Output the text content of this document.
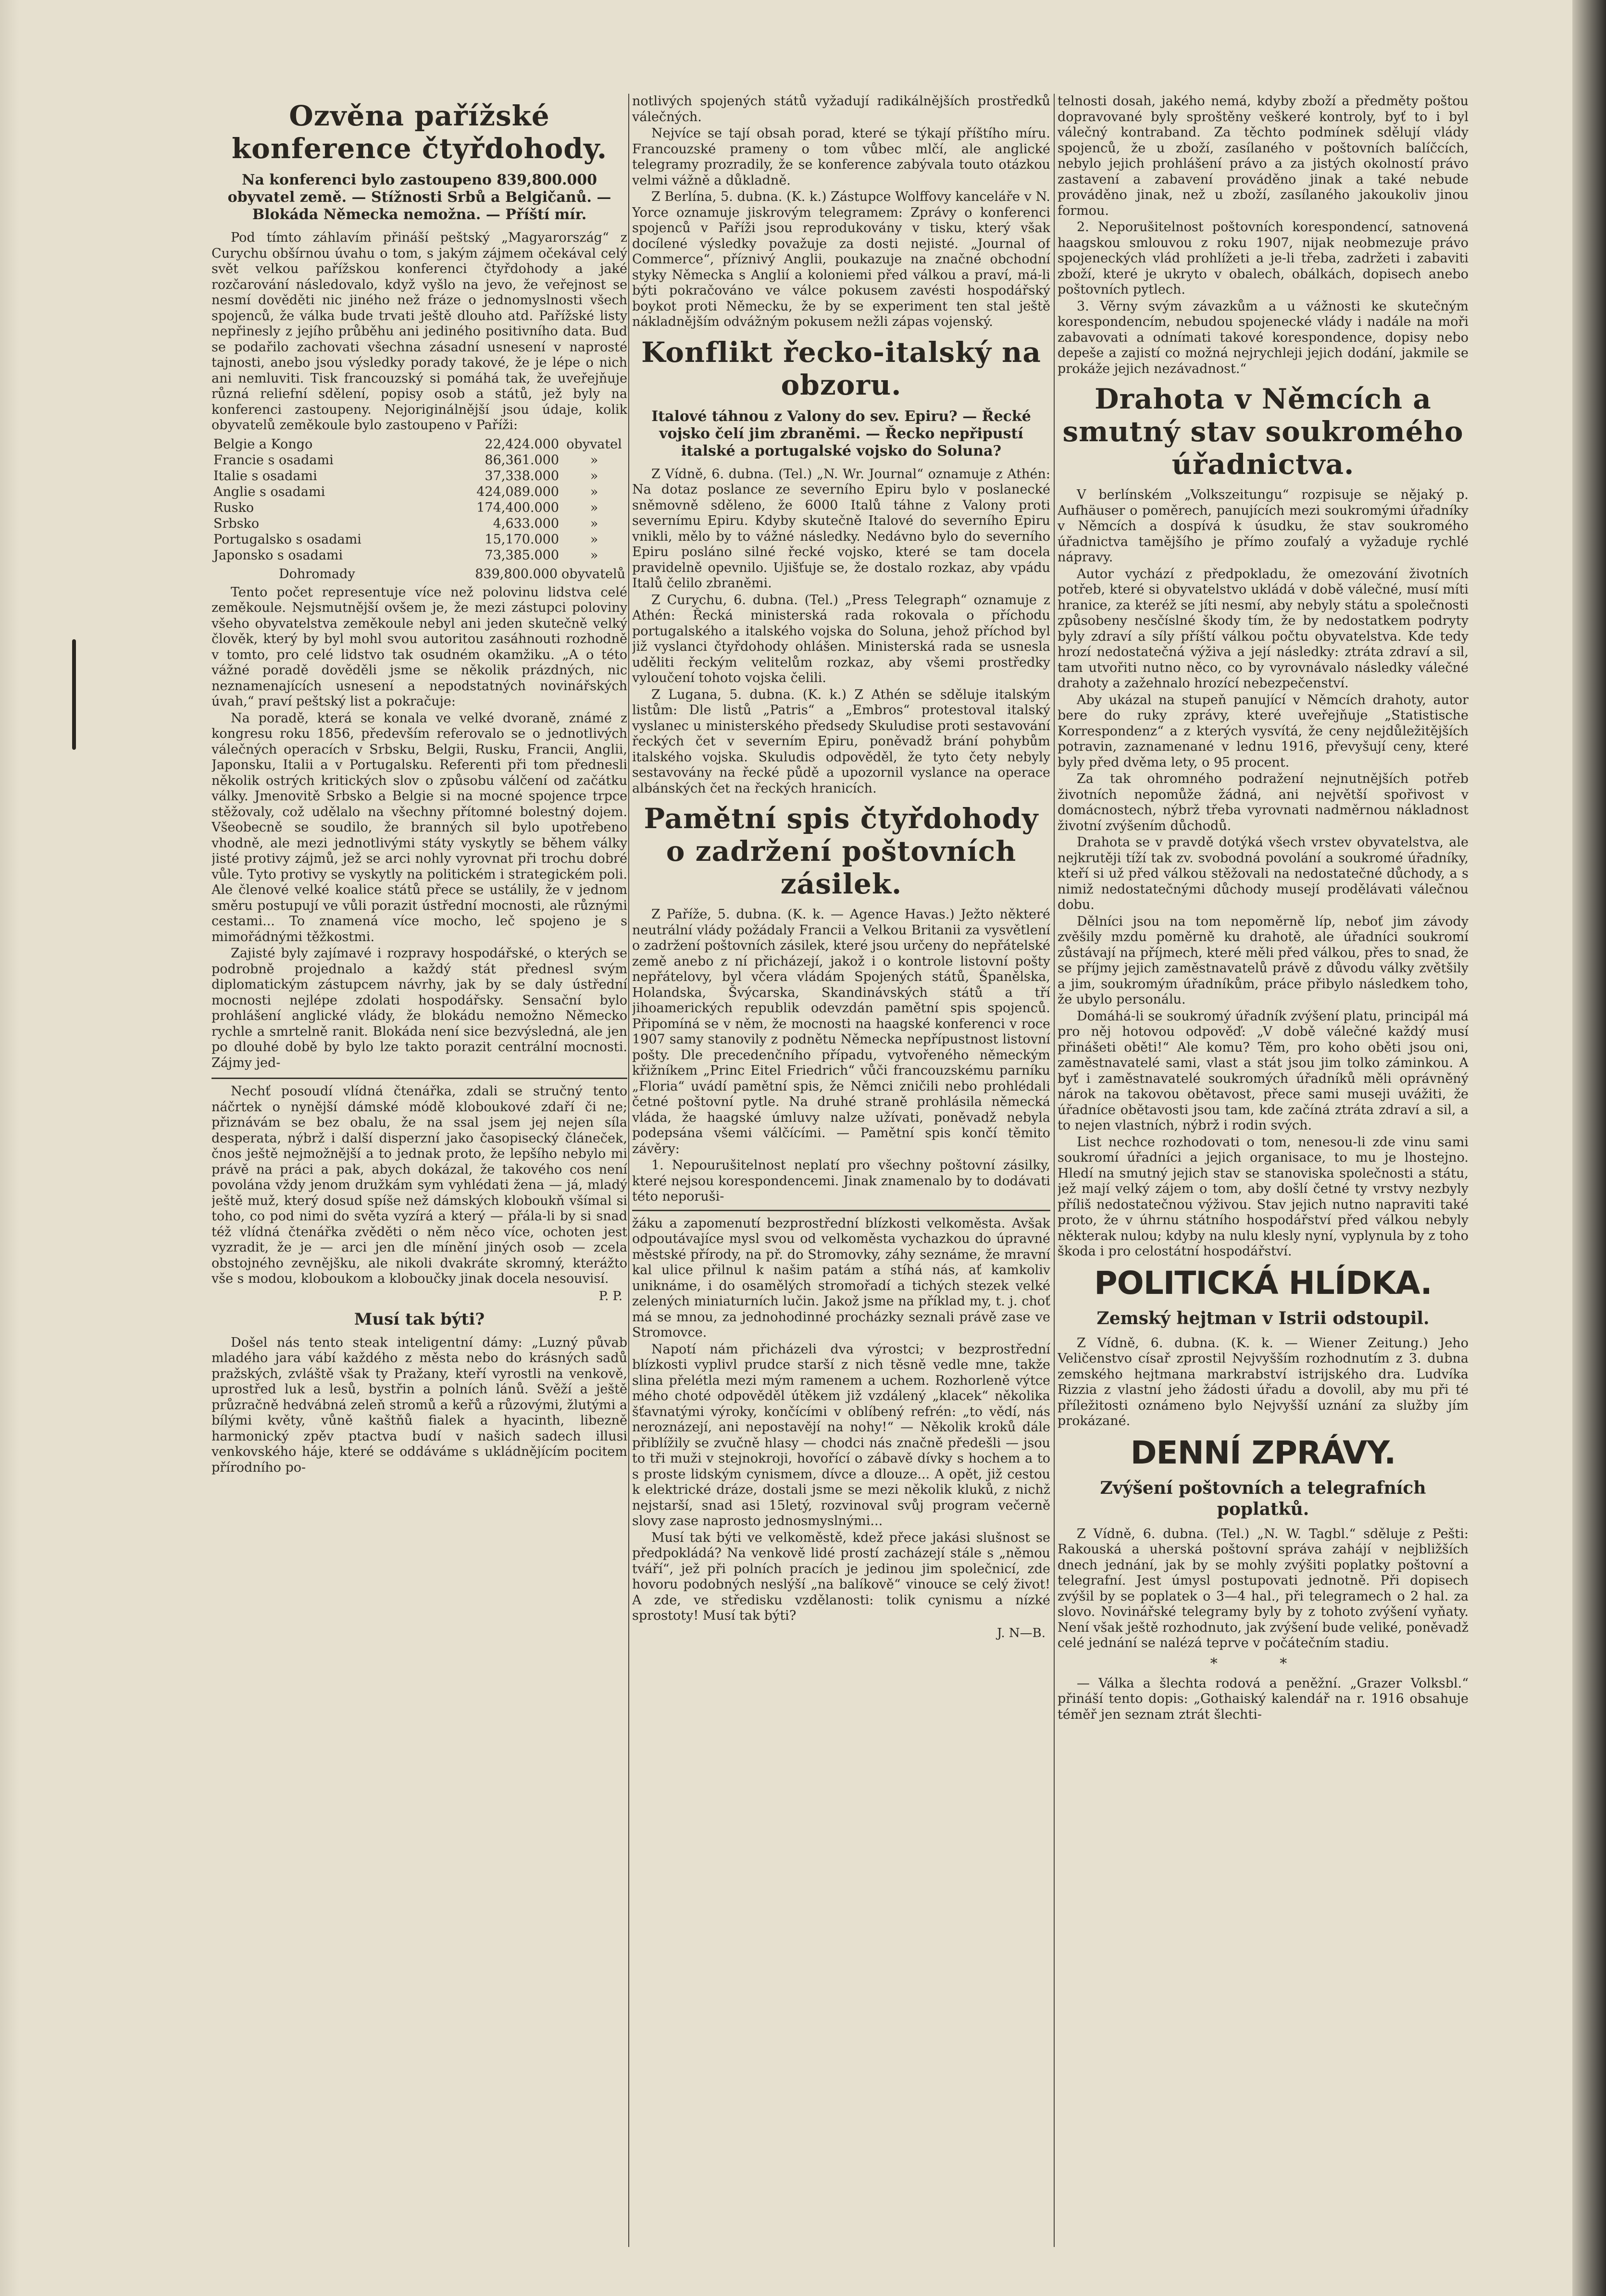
Ozvěna pařížské konference čtyřdohody.
Na konferenci bylo zastoupeno 839,800.000 obyvatel země. — Stížnosti Srbů a Belgičanů. — Blokáda Německa nemožna. — Příští mír.

Pod tímto záhlavím přináší peštský „Magyarország“ z Curychu obšírnou úvahu o tom, s jakým zájmem očekával celý svět velkou pařížskou konferenci čtyřdohody a jaké rozčarování následovalo, když vyšlo na jevo, že veřejnost se nesmí dověděti nic jiného než fráze o jednomyslnosti všech spojenců, že válka bude trvati ještě dlouho atd. Pařížské listy nepřinesly z jejího průběhu ani jediného positivního data. Buď se podařilo zachovati všechna zásadní usnesení v naprosté tajnosti, anebo jsou výsledky porady takové, že je lépe o nich ani nemluviti. Tisk francouzský si pomáhá tak, že uveřejňuje různá reliefní sdělení, popisy osob a států, jež byly na konferenci zastoupeny. Nejoriginálnější jsou údaje, kolik obyvatelů zeměkoule bylo zastoupeno v Paříži:

Belgie a Kongo	22,424.000	obyvatel
Francie s osadami	86,361.000	»
Italie s osadami	37,338.000	»
Anglie s osadami	424,089.000	»
Rusko	174,400.000	»
Srbsko	4,633.000	»
Portugalsko s osadami	15,170.000	»
Japonsko s osadami	73,385.000	»
Dohromady	839,800.000	obyvatelů

Tento počet representuje více než polovinu lidstva celé zeměkoule. Nejsmutnější ovšem je, že mezi zástupci poloviny všeho obyvatelstva zeměkoule nebyl ani jeden skutečně velký člověk, který by byl mohl svou autoritou zasáhnouti rozhodně v tomto, pro celé lidstvo tak osudném okamžiku. „A o této vážné poradě dověděli jsme se několik prázdných, nic neznamenajících usnesení a nepodstatných novinářských úvah,“ praví peštský list a pokračuje:

Na poradě, která se konala ve velké dvoraně, známé z kongresu roku 1856, především referovalo se o jednotlivých válečných operacích v Srbsku, Belgii, Rusku, Francii, Anglii, Japonsku, Italii a v Portugalsku. Referenti při tom přednesli několik ostrých kritických slov o způsobu válčení od začátku války. Jmenovitě Srbsko a Belgie si na mocné spojence trpce stěžovaly, což udělalo na všechny přítomné bolestný dojem. Všeobecně se soudilo, že branných sil bylo upotřebeno vhodně, ale mezi jednotlivými státy vyskytly se během války jisté protivy zájmů, jež se arci nohly vyrovnat při trochu dobré vůle. Tyto protivy se vyskytly na politickém i strategickém poli. Ale členové velké koalice států přece se ustálily, že v jednom směru postupují ve vůli porazit ústřední mocnosti, ale různými cestami... To znamená více mocho, leč spojeno je s mimořádnými těžkostmi.

Zajisté byly zajímavé i rozpravy hospodářské, o kterých se podrobně projednalo a každý stát přednesl svým diplomatickým zástupcem návrhy, jak by se daly ústřední mocnosti nejlépe zdolati hospodářsky. Sensační bylo prohlášení anglické vlády, že blokádu nemožno Německo rychle a smrtelně ranit. Blokáda není sice bezvýsledná, ale jen po dlouhé době by bylo lze takto porazit centrální mocnosti. Zájmy jed-

Nechť posoudí vlídná čtenářka, zdali se stručný tento náčrtek o nynější dámské módě kloboukové zdaří či ne; přiznávám se bez obalu, že na ssal jsem jej nejen síla desperata, nýbrž i další disperzní jako časopisecký článeček, čnos ještě nejmožnější a to jednak proto, že lepšího nebylo mi právě na práci a pak, abych dokázal, že takového cos není povolána vždy jenom družkám sym vyhlédati žena — já, mladý ještě muž, který dosud spíše než dámských kloboukň všímal si toho, co pod nimi do světa vyzírá a který — přála-li by si snad též vlídná čtenářka zvěděti o něm něco více, ochoten jest vyzradit, že je — arci jen dle mínění jiných osob — zcela obstojného zevnějšku, ale nikoli dvakráte skromný, kterážto vše s modou, kloboukom a kloboučky jinak docela nesouvisí.

P. P.
Musí tak býti?

Došel nás tento steak inteligentní dámy: „Luzný půvab mladého jara vábí každého z města nebo do krásných sadů pražských, zvláště však ty Pražany, kteří vyrostli na venkově, uprostřed luk a lesů, bystřin a polních lánů. Svěží a ještě průzračně hedvábná zeleň stromů a keřů a růzovými, žlutými a bílými květy, vůně kaštňů fialek a hyacinth, libezně harmonický zpěv ptactva budí v našich sadech illusi venkovského háje, které se oddáváme s ukládnějícím pocitem přírodního po-

notlivých spojených států vyžadují radikálnějších prostředků válečných.

Nejvíce se tají obsah porad, které se týkají příštího míru. Francouzské prameny o tom vůbec mlčí, ale anglické telegramy prozradily, že se konference zabývala touto otázkou velmi vážně a důkladně.

Z Berlína, 5. dubna. (K. k.) Zástupce Wolffovy kanceláře v N. Yorce oznamuje jiskrovým telegramem: Zprávy o konferenci spojenců v Paříži jsou reprodukovány v tisku, který však docílené výsledky považuje za dosti nejisté. „Journal of Commerce“, příznivý Anglii, poukazuje na značné obchodní styky Německa s Anglií a koloniemi před válkou a praví, má-li býti pokračováno ve válce pokusem zavésti hospodářský boykot proti Německu, že by se experiment ten stal ještě nákladnějším odvážným pokusem nežli zápas vojenský.

Konflikt řecko-italský na obzoru.
Italové táhnou z Valony do sev. Epiru? — Řecké vojsko čelí jim zbraněmi. — Řecko nepřipustí italské a portugalské vojsko do Soluna?

Z Vídně, 6. dubna. (Tel.) „N. Wr. Journal“ oznamuje z Athén: Na dotaz poslance ze severního Epiru bylo v poslanecké sněmovně sděleno, že 6000 Italů táhne z Valony proti severnímu Epiru. Kdyby skutečně Italové do severního Epiru vnikli, mělo by to vážné následky. Nedávno bylo do severního Epiru posláno silné řecké vojsko, které se tam docela pravidelně opevnilo. Ujišťuje se, že dostalo rozkaz, aby vpádu Italů čelilo zbraněmi.

Z Curychu, 6. dubna. (Tel.) „Press Telegraph“ oznamuje z Athén: Řecká ministerská rada rokovala o příchodu portugalského a italského vojska do Soluna, jehož příchod byl již vyslanci čtyřdohody ohlášen. Ministerská rada se usnesla uděliti řeckým velitelům rozkaz, aby všemi prostředky vyloučení tohoto vojska čelili.

Z Lugana, 5. dubna. (K. k.) Z Athén se sděluje italským listům: Dle listů „Patris“ a „Embros“ protestoval italský vyslanec u ministerského předsedy Skuludise proti sestavování řeckých čet v severním Epiru, poněvadž brání pohybům italského vojska. Skuludis odpověděl, že tyto čety nebyly sestavovány na řecké půdě a upozornil vyslance na operace albánských čet na řeckých hranicích.

Pamětní spis čtyřdohody o zadržení poštovních zásilek.

Z Paříže, 5. dubna. (K. k. — Agence Havas.) Ježto některé neutrální vlády požádaly Francii a Velkou Britanii za vysvětlení o zadržení poštovních zásilek, které jsou určeny do nepřátelské země anebo z ní přicházejí, jakož i o kontrole listovní pošty nepřátelovy, byl včera vládám Spojených států, Španělska, Holandska, Švýcarska, Skandinávských států a tří jihoamerických republik odevzdán pamětní spis spojenců. Připomíná se v něm, že mocnosti na haagské konferenci v roce 1907 samy stanovily z podnětu Německa nepřípustnost listovní pošty. Dle precedenčního případu, vytvořeného německým křižníkem „Princ Eitel Friedrich“ vůči francouzskému parníku „Floria“ uvádí pamětní spis, že Němci zničili nebo prohlédali četné poštovní pytle. Na druhé straně prohlásila německá vláda, že haagské úmluvy nalze užívati, poněvadž nebyla podepsána všemi válčícími. — Pamětní spis končí těmito závěry:

1. Nepourušitelnost neplatí pro všechny poštovní zásilky, které nejsou korespondencemi. Jinak znamenalo by to dodávati této neporuši-

žáku a zapomenutí bezprostřední blízkosti velkoměsta. Avšak odpoutávajíce mysl svou od velkoměsta vychazkou do úpravné městské přírody, na př. do Stromovky, záhy seznáme, že mravní kal ulice přilnul k našim patám a stíhá nás, ať kamkoliv uniknáme, i do osamělých stromořadí a tichých stezek velké zelených miniaturních lučin. Jakož jsme na příklad my, t. j. choť má se mnou, za jednohodinné procházky seznali právě zase ve Stromovce.

Napotí nám přicházeli dva výrostci; v bezprostřední blízkosti vyplivl prudce starší z nich těsně vedle mne, takže slina přelétla mezi mým ramenem a uchem. Rozhorleně výtce mého choté odpověděl útěkem již vzdálený „klacek“ několika šťavnatými výroky, končícími v oblíbený refrén: „to vědí, nás neroznázejí, ani nepostavějí na nohy!“ — Několik kroků dále přiblížily se zvučně hlasy — chodci nás značně předešli — jsou to tři muži v stejnokroji, hovořící o zábavě dívky s hochem a to s proste lidským cynismem, dívce a dlouze... A opět, již cestou k elektrické dráze, dostali jsme se mezi několik kluků, z nichž nejstarší, snad asi 15letý, rozvinoval svůj program večerně slovy zase naprosto jednosmyslnými...

Musí tak býti ve velkoměstě, kdež přece jakási slušnost se předpokládá? Na venkově lidé prostí zacházejí stále s „němou tváří“, jež při polních pracích je jedinou jim společnicí, zde hovoru podobných neslýší „na balíkově“ vinouce se celý život! A zde, ve středisku vzdělanosti: tolik cynismu a nízké sprostoty! Musí tak býti?

J. N—B.

telnosti dosah, jakého nemá, kdyby zboží a předměty poštou dopravované byly sproštěny veškeré kontroly, byť to i byl válečný kontraband. Za těchto podmínek sdělují vlády spojenců, že u zboží, zasílaného v poštovních balíčcích, nebylo jejich prohlášení právo a za jistých okolností právo zastavení a zabavení prováděno jinak a také nebude prováděno jinak, než u zboží, zasílaného jakoukoliv jinou formou.

2. Neporušitelnost poštovních korespondencí, satnovená haagskou smlouvou z roku 1907, nijak neobmezuje právo spojeneckých vlád prohlížeti a je-li třeba, zadržeti i zabaviti zboží, které je ukryto v obalech, obálkách, dopisech anebo poštovních pytlech.

3. Věrny svým závazkům a u vážnosti ke skutečným korespondencím, nebudou spojenecké vlády i nadále na moři zabavovati a odnímati takové korespondence, dopisy nebo depeše a zajistí co možná nejrychleji jejich dodání, jakmile se prokáže jejich nezávadnost.“

Drahota v Němcích a smutný stav soukromého úřadnictva.

V berlínském „Volkszeitungu“ rozpisuje se nějaký p. Aufhäuser o poměrech, panujících mezi soukromými úřadníky v Němcích a dospívá k úsudku, že stav soukromého úřadnictva tamějšího je přímo zoufalý a vyžaduje rychlé nápravy.

Autor vychází z předpokladu, že omezování životních potřeb, které si obyvatelstvo ukládá v době válečné, musí míti hranice, za kteréž se jíti nesmí, aby nebyly státu a společnosti způsobeny nesčíslné škody tím, že by nedostatkem podryty byly zdraví a síly příští válkou počtu obyvatelstva. Kde tedy hrozí nedostatečná výživa a její následky: ztráta zdraví a sil, tam utvořiti nutno něco, co by vyrovnávalo následky válečné drahoty a zažehnalo hrozící nebezpečenství.

Aby ukázal na stupeň panující v Němcích drahoty, autor bere do ruky zprávy, které uveřejňuje „Statistische Korrespondenz“ a z kterých vysvítá, že ceny nejdůležitějších potravin, zaznamenané v lednu 1916, převyšují ceny, které byly před dvěma lety, o 95 procent.

Za tak ohromného podražení nejnutnějších potřeb životních nepomůže žádná, ani největší spořivost v domácnostech, nýbrž třeba vyrovnati nadměrnou nákladnost životní zvýšením důchodů.

Drahota se v pravdě dotýká všech vrstev obyvatelstva, ale nejkrutěji tíží tak zv. svobodná povolání a soukromé úřadníky, kteří si už před válkou stěžovali na nedostatečné důchody, a s nimiž nedostatečnými důchody musejí prodělávati válečnou dobu.

Dělníci jsou na tom nepoměrně líp, neboť jim závody zvěšily mzdu poměrně ku drahotě, ale úřadníci soukromí zůstávají na příjmech, které měli před válkou, přes to snad, že se příjmy jejich zaměstnavatelů právě z důvodu války zvětšily a jim, soukromým úřadníkům, práce přibylo následkem toho, že ubylo personálu.

Domáhá-li se soukromý úřadník zvýšení platu, principál má pro něj hotovou odpověď: „V době válečné každý musí přinášeti oběti!“ Ale komu? Těm, pro koho oběti jsou oni, zaměstnavatelé sami, vlast a stát jsou jim tolko záminkou. A byť i zaměstnavatelé soukromých úřadníků měli oprávněný nárok na takovou obětavost, přece sami museji uvážiti, že úřadníce obětavosti jsou tam, kde začíná ztráta zdraví a sil, a to nejen vlastních, nýbrž i rodin svých.

List nechce rozhodovati o tom, nenesou-li zde vinu sami soukromí úřadníci a jejich organisace, to mu je lhostejno. Hledí na smutný jejich stav se stanoviska společnosti a státu, jež mají velký zájem o tom, aby došlí četné ty vrstvy nezbyly příliš nedostatečnou výživou. Stav jejich nutno napraviti také proto, že v úhrnu státního hospodářství před válkou nebyly některak nulou; kdyby na nulu klesly nyní, vyplynula by z toho škoda i pro celostátní hospodářství.

POLITICKÁ HLÍDKA.
Zemský hejtman v Istrii odstoupil.

Z Vídně, 6. dubna. (K. k. — Wiener Zeitung.) Jeho Veličenstvo císař zprostil Nejvyšším rozhodnutím z 3. dubna zemského hejtmana markrabství istrijského dra. Ludvíka Rizzia z vlastní jeho žádosti úřadu a dovolil, aby mu při té příležitosti oznámeno bylo Nejvyšší uznání za služby jím prokázané.

DENNÍ ZPRÁVY.
Zvýšení poštovních a telegrafních poplatků.

Z Vídně, 6. dubna. (Tel.) „N. W. Tagbl.“ sděluje z Pešti: Rakouská a uherská poštovní správa zahájí v nejbližších dnech jednání, jak by se mohly zvýšiti poplatky poštovní a telegrafní. Jest úmysl postupovati jednotně. Při dopisech zvýšil by se poplatek o 3—4 hal., při telegramech o 2 hal. za slovo. Novinářské telegramy byly by z tohoto zvýšení vyňaty. Není však ještě rozhodnuto, jak zvýšení bude veliké, poněvadž celé jednání se nalézá teprve v počátečním stadiu.

* *

— Válka a šlechta rodová a peněžní. „Grazer Volksbl.“ přináší tento dopis: „Gothaiský kalendář na r. 1916 obsahuje téměř jen seznam ztrát šlechti-
